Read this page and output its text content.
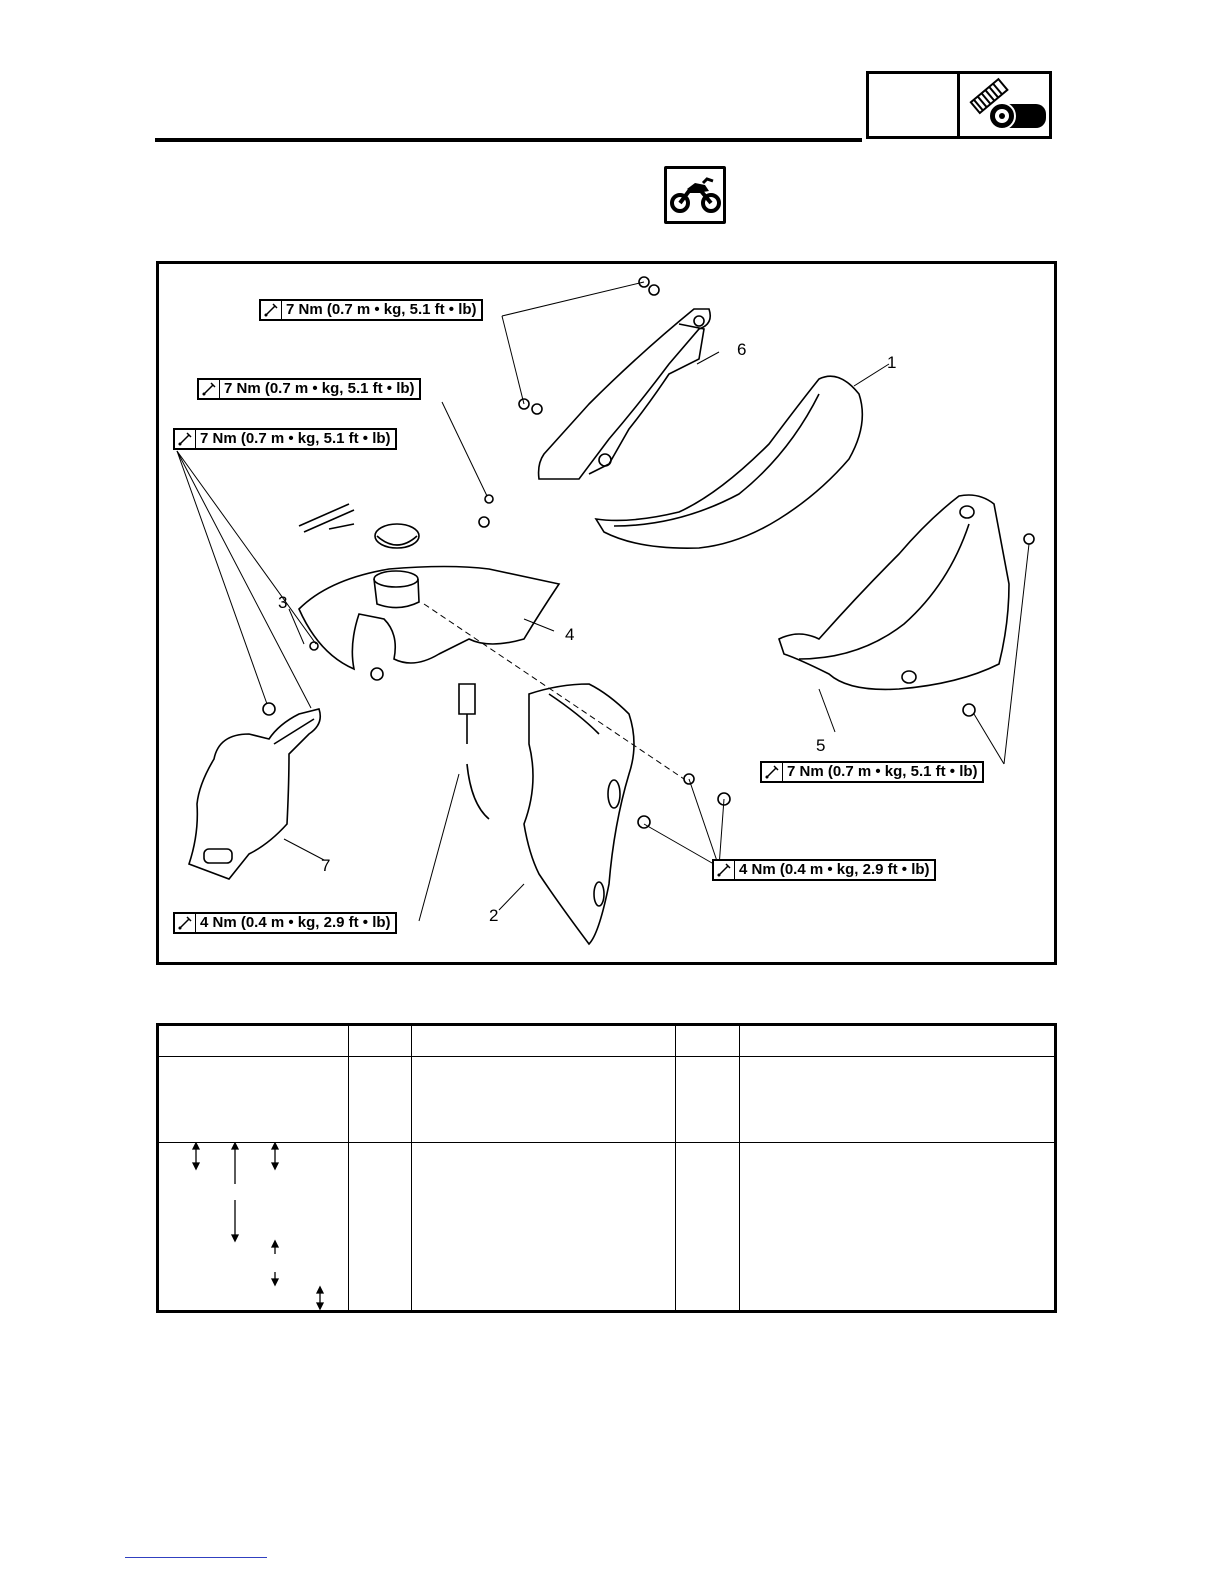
7 Nm (0.7 m • kg, 5.1 ft • lb)
7 Nm (0.7 m • kg, 5.1 ft • lb)
7 Nm (0.7 m • kg, 5.1 ft • lb)
7 Nm (0.7 m • kg, 5.1 ft • lb)
4 Nm (0.4 m • kg, 2.9 ft • lb)
4 Nm (0.4 m • kg, 2.9 ft • lb)
1
6
3
4
5
7
2
